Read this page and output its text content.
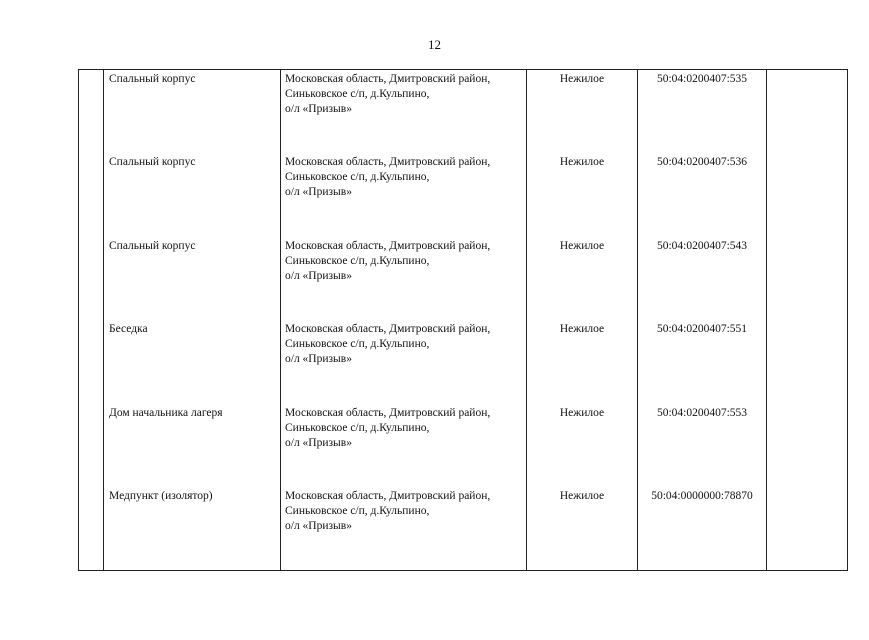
12

	Спальный корпус	Московская область, Дмитровский район,
Синьковское с/п, д.Кульпино,
о/л «Призыв»	Нежилое	50:04:0200407:535	

	Спальный корпус	Московская область, Дмитровский район,
Синьковское с/п, д.Кульпино,
о/л «Призыв»	Нежилое	50:04:0200407:536	

	Спальный корпус	Московская область, Дмитровский район,
Синьковское с/п, д.Кульпино,
о/л «Призыв»	Нежилое	50:04:0200407:543	

	Беседка	Московская область, Дмитровский район,
Синьковское с/п, д.Кульпино,
о/л «Призыв»	Нежилое	50:04:0200407:551	

	Дом начальника лагеря	Московская область, Дмитровский район,
Синьковское с/п, д.Кульпино,
о/л «Призыв»	Нежилое	50:04:0200407:553	

	Медпункт (изолятор)	Московская область, Дмитровский район,
Синьковское с/п, д.Кульпино,
о/л «Призыв»	Нежилое	50:04:0000000:78870	
